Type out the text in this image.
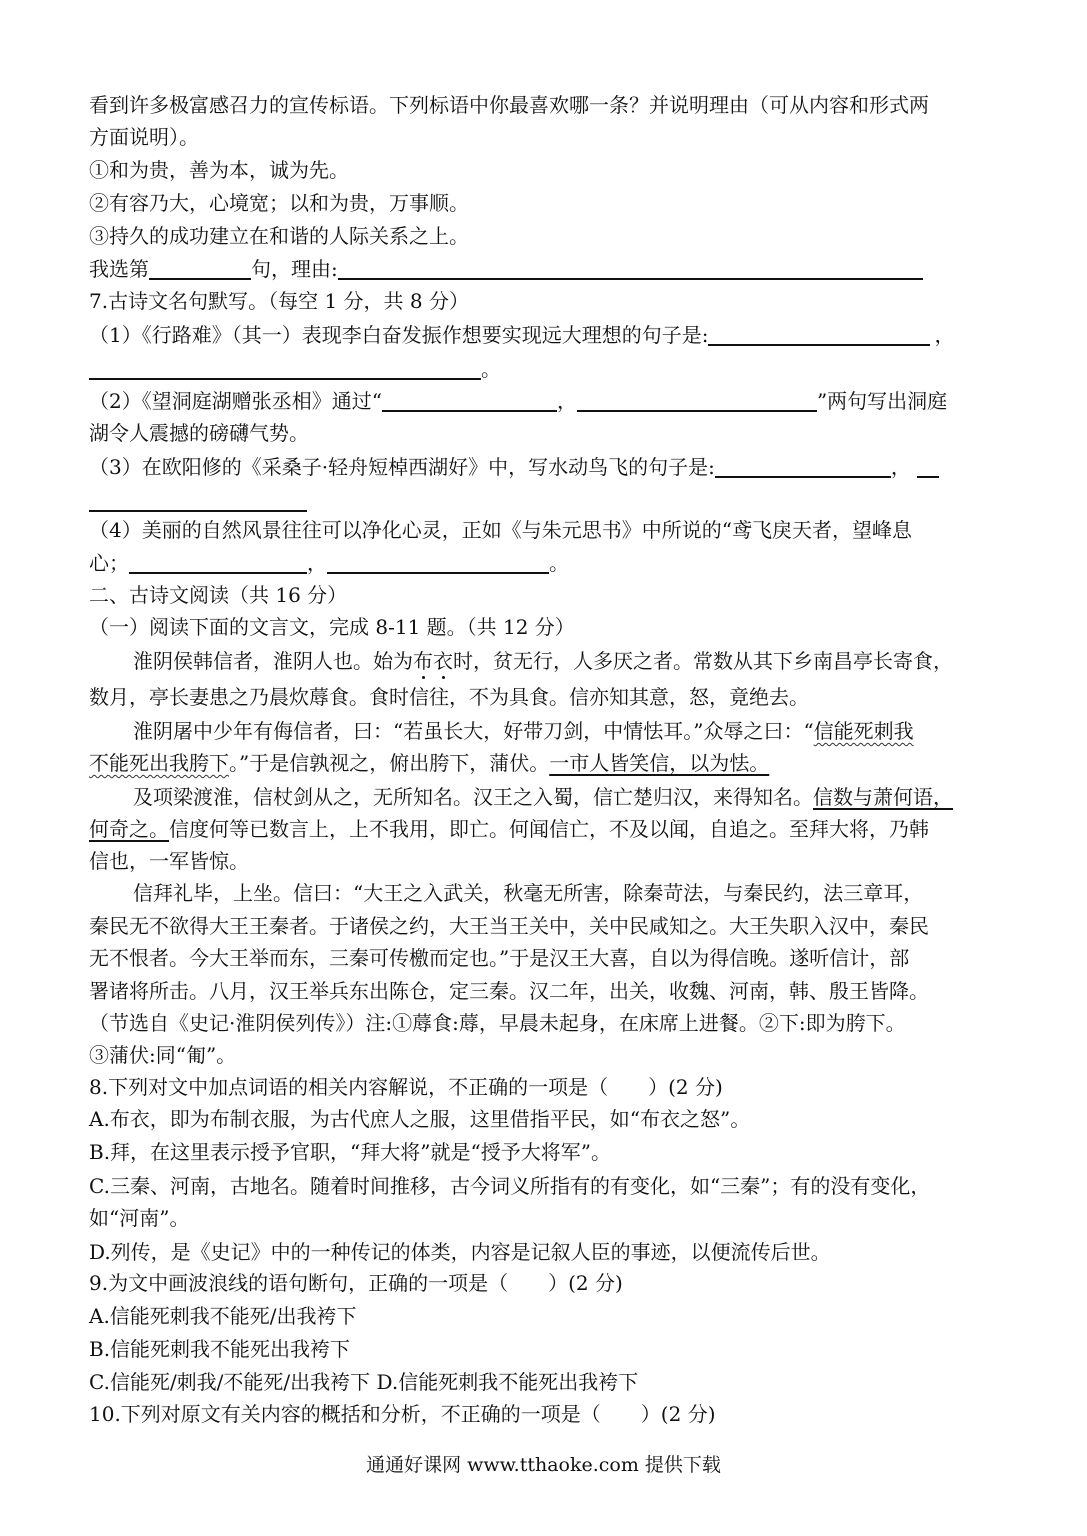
看到许多极富感召力的宣传标语。下列标语中你最喜欢哪一条？并说明理由（可从内容和形式两
方面说明）。
①和为贵，善为本，诚为先。
②有容乃大，心境宽；以和为贵，万事顺。
③持久的成功建立在和谐的人际关系之上。
我选第	句，理由:
7.古诗文名句默写。（每空 1 分，共 8 分）
（1）《行路难》（其一）表现李白奋发振作想要实现远大理想的句子是:	，
。
（2）《望洞庭湖赠张丞相》通过“	，	”两句写出洞庭
湖令人震撼的磅礴气势。
（3）在欧阳修的《采桑子·轻舟短棹西湖好》中，写水动鸟飞的句子是:	，
（4）美丽的自然风景往往可以净化心灵，正如《与朱元思书》中所说的“鸢飞戾天者，望峰息
心；	，	。
二、古诗文阅读（共 16 分）
（一）阅读下面的文言文，完成 8-11 题。（共 12 分）
淮阴侯韩信者，淮阴人也。始为布衣时，贫无行，人多厌之者。常数从其下乡南昌亭长寄食，
数月，亭长妻患之乃晨炊蓐食。食时信往，不为具食。信亦知其意，怒，竟绝去。
淮阴屠中少年有侮信者，曰：“若虽长大，好带刀剑，中情怯耳。”众辱之曰：“信能死刺我
不能死出我胯下。”于是信孰视之，俯出胯下，蒲伏。一市人皆笑信，以为怯。
及项梁渡淮，信杖剑从之，无所知名。汉王之入蜀，信亡楚归汉，来得知名。信数与萧何语，
何奇之。信度何等已数言上，上不我用，即亡。何闻信亡，不及以闻，自追之。至拜大将，乃韩
信也，一军皆惊。
信拜礼毕，上坐。信曰：“大王之入武关，秋毫无所害，除秦苛法，与秦民约，法三章耳，
秦民无不欲得大王王秦者。于诸侯之约，大王当王关中，关中民咸知之。大王失职入汉中，秦民
无不恨者。今大王举而东，三秦可传檄而定也。”于是汉王大喜，自以为得信晚。遂听信计，部
署诸将所击。八月，汉王举兵东出陈仓，定三秦。汉二年，出关，收魏、河南，韩、殷王皆降。
（节选自《史记·淮阴侯列传》）注:①蓐食:蓐，早晨未起身，在床席上进餐。②下:即为胯下。
③蒲伏:同“匍”。
8.下列对文中加点词语的相关内容解说，不正确的一项是（　　）(2 分)
A.布衣，即为布制衣服，为古代庶人之服，这里借指平民，如“布衣之怒”。
B.拜，在这里表示授予官职，“拜大将”就是“授予大将军”。
C.三秦、河南，古地名。随着时间推移，古今词义所指有的有变化，如“三秦”；有的没有变化，
如“河南”。
D.列传，是《史记》中的一种传记的体类，内容是记叙人臣的事迹，以便流传后世。
9.为文中画波浪线的语句断句，正确的一项是（　　）(2 分)
A.信能死刺我不能死/出我袴下
B.信能死刺我不能死出我袴下
C.信能死/刺我/不能死/出我袴下 D.信能死刺我不能死出我袴下
10.下列对原文有关内容的概括和分析，不正确的一项是（　　）(2 分)
通通好课网 www.tthaoke.com 提供下载
